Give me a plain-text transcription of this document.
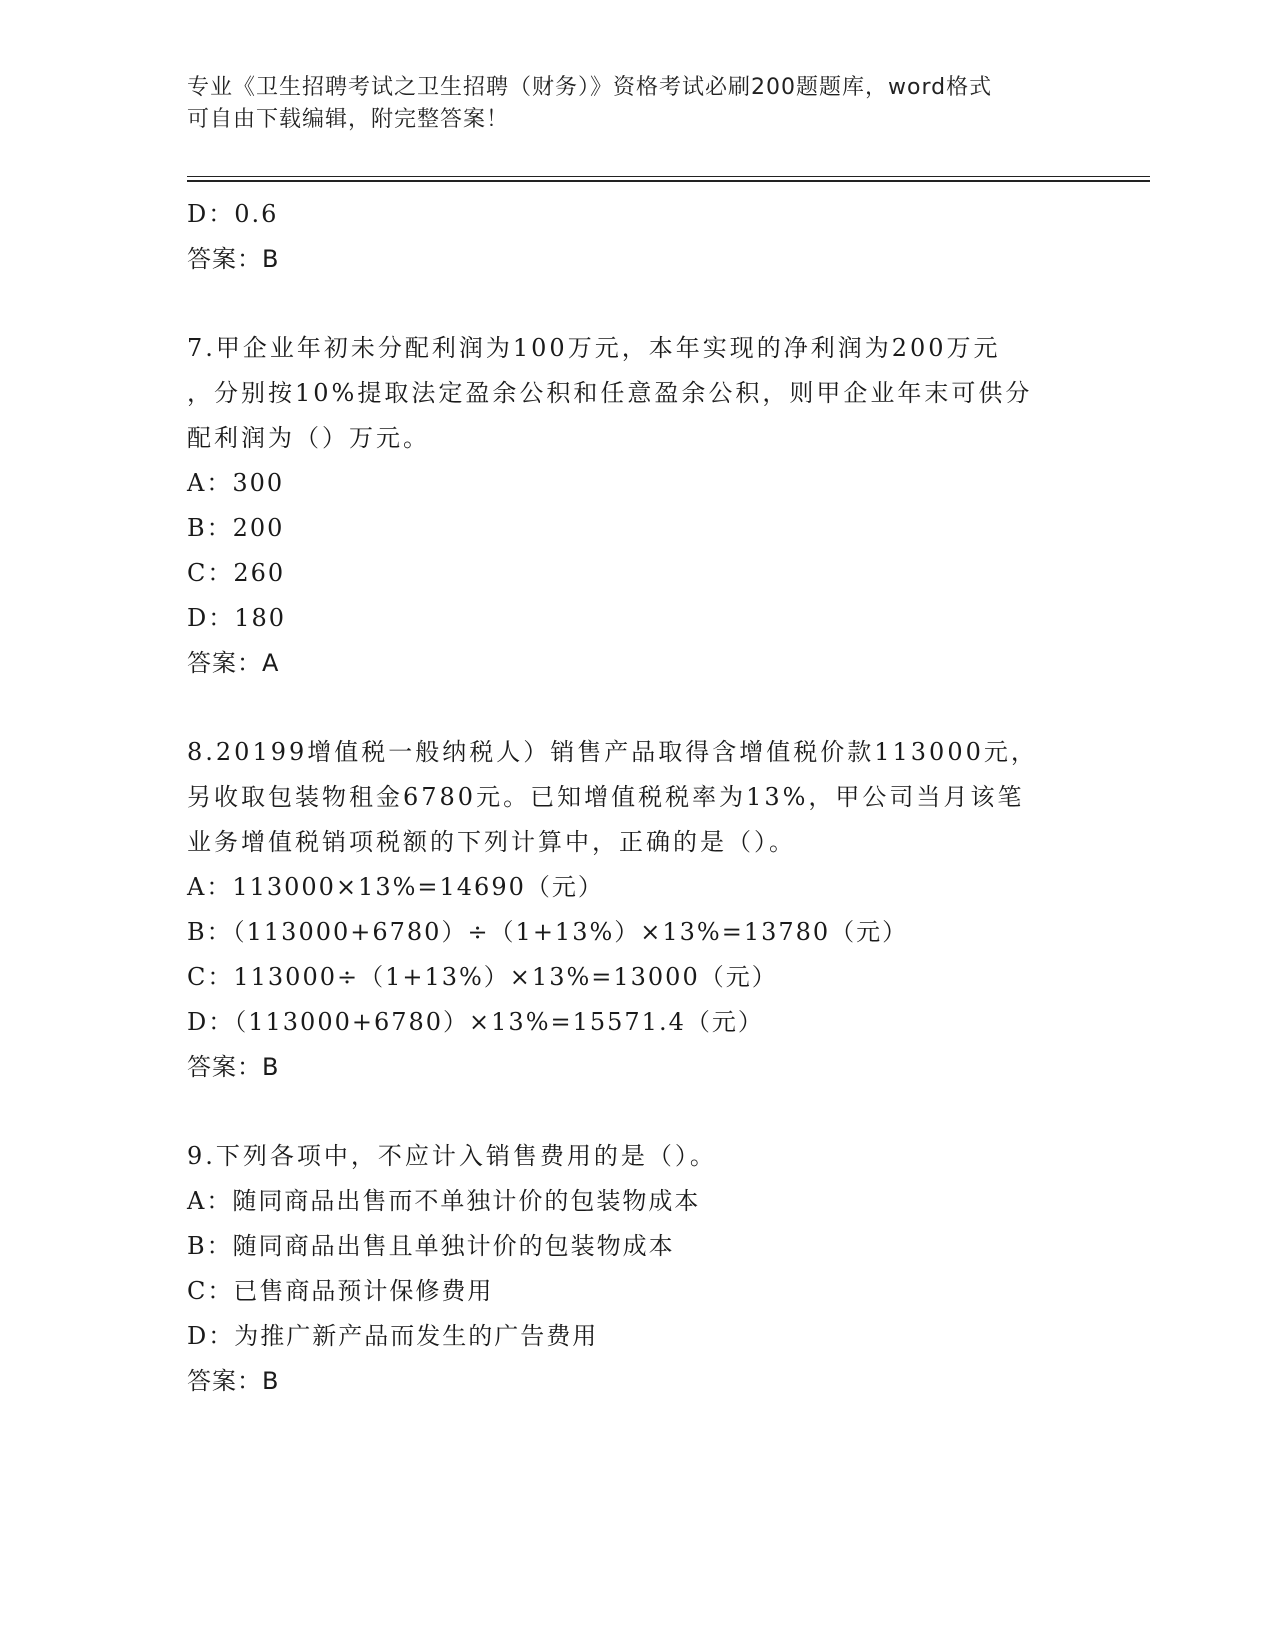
专业《卫生招聘考试之卫生招聘（财务）》资格考试必刷200题题库，word格式
可自由下载编辑，附完整答案！
D：0.6
答案：B
7.甲企业年初未分配利润为100万元，本年实现的净利润为200万元
，分别按10%提取法定盈余公积和任意盈余公积，则甲企业年末可供分
配利润为（）万元。
A：300
B：200
C：260
D：180
答案：A
8.20199增值税一般纳税人）销售产品取得含增值税价款113000元，
另收取包装物租金6780元。已知增值税税率为13%，甲公司当月该笔
业务增值税销项税额的下列计算中，正确的是（）。
A：113000×13%=14690（元）
B：（113000+6780）÷（1+13%）×13%=13780（元）
C：113000÷（1+13%）×13%=13000（元）
D：（113000+6780）×13%=15571.4（元）
答案：B
9.下列各项中，不应计入销售费用的是（）。
A：随同商品出售而不单独计价的包装物成本
B：随同商品出售且单独计价的包装物成本
C：已售商品预计保修费用
D：为推广新产品而发生的广告费用
答案：B
